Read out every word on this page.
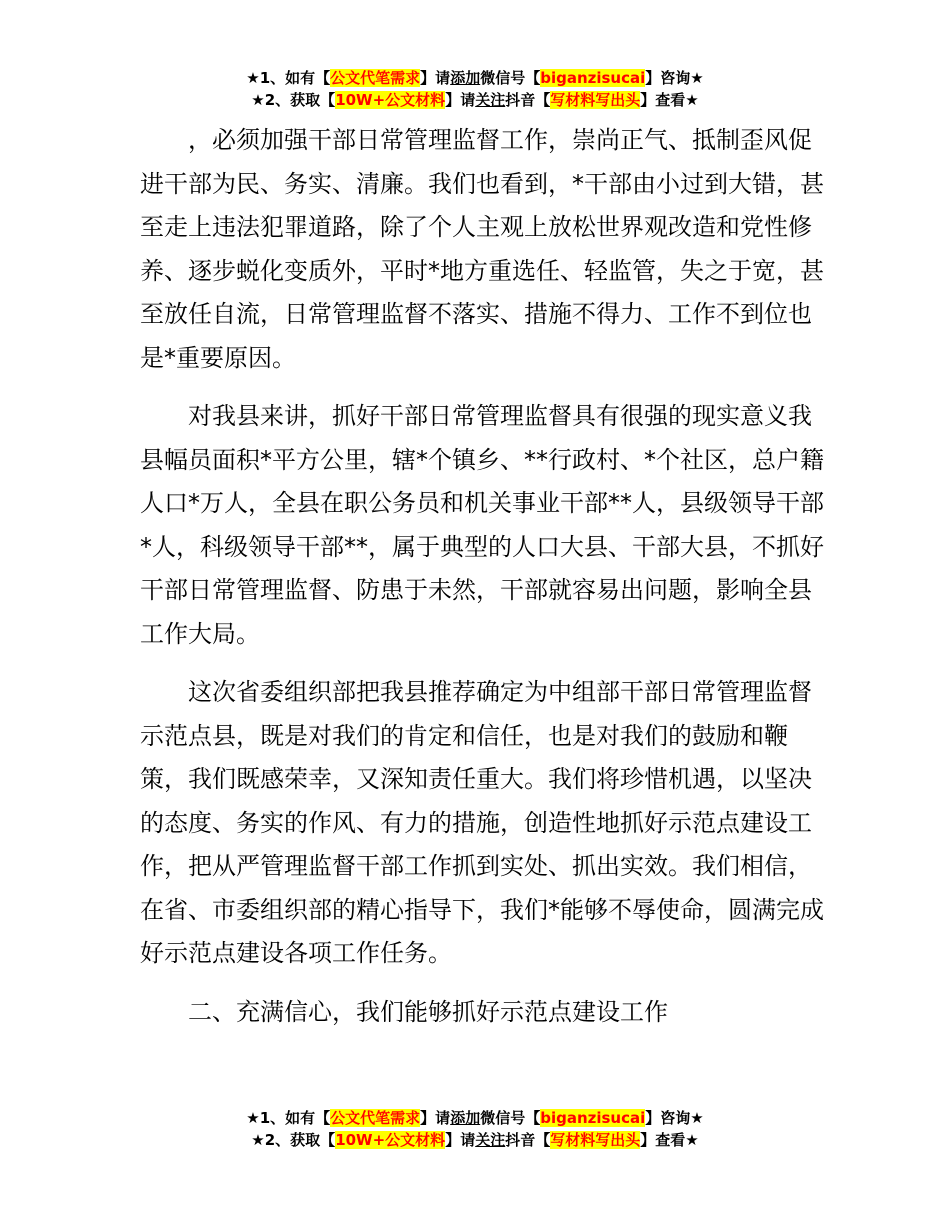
★1、如有【公文代笔需求】请添加微信号【biganzisucai】咨询★
★2、获取【10W+公文材料】请关注抖音【写材料写出头】查看★

，必须加强干部日常管理监督工作，崇尚正气、抵制歪风促进干部为民、务实、清廉。我们也看到，*干部由小过到大错，甚至走上违法犯罪道路，除了个人主观上放松世界观改造和党性修养、逐步蜕化变质外，平时*地方重选任、轻监管，失之于宽，甚至放任自流，日常管理监督不落实、措施不得力、工作不到位也是*重要原因。

对我县来讲，抓好干部日常管理监督具有很强的现实意义我县幅员面积*平方公里，辖*个镇乡、**行政村、*个社区，总户籍人口*万人，全县在职公务员和机关事业干部**人，县级领导干部*人，科级领导干部**，属于典型的人口大县、干部大县，不抓好干部日常管理监督、防患于未然，干部就容易出问题，影响全县工作大局。

这次省委组织部把我县推荐确定为中组部干部日常管理监督示范点县，既是对我们的肯定和信任，也是对我们的鼓励和鞭策，我们既感荣幸，又深知责任重大。我们将珍惜机遇，以坚决的态度、务实的作风、有力的措施，创造性地抓好示范点建设工作，把从严管理监督干部工作抓到实处、抓出实效。我们相信，在省、市委组织部的精心指导下，我们*能够不辱使命，圆满完成好示范点建设各项工作任务。

二、充满信心，我们能够抓好示范点建设工作

★1、如有【公文代笔需求】请添加微信号【biganzisucai】咨询★
★2、获取【10W+公文材料】请关注抖音【写材料写出头】查看★
